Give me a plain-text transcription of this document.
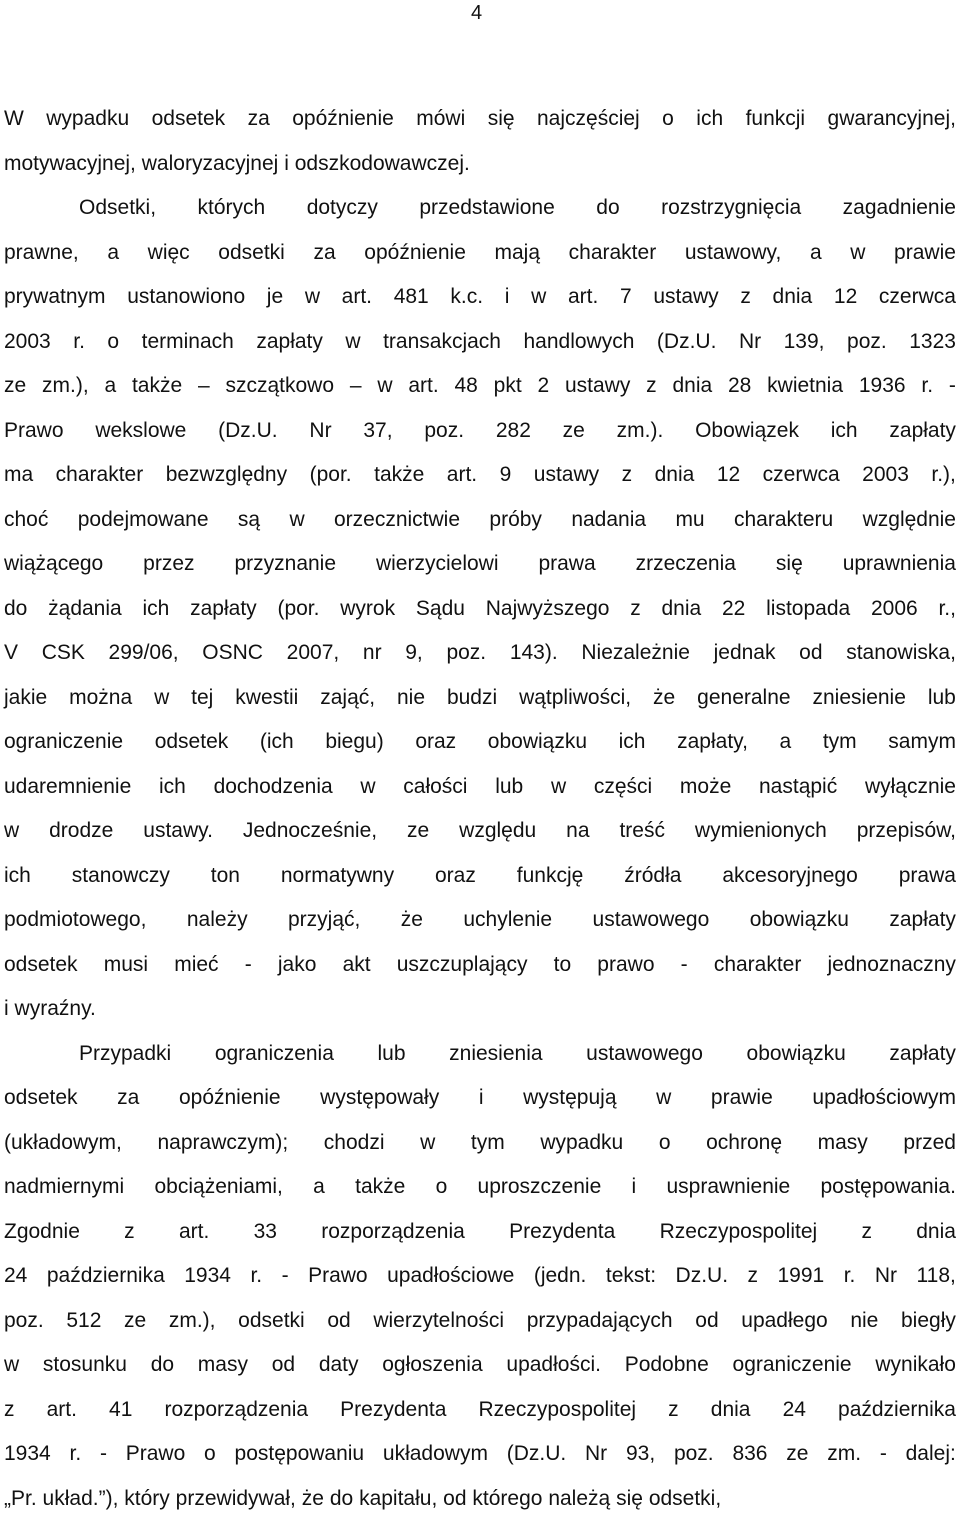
4
W wypadku odsetek za opóźnienie mówi się najczęściej o ich funkcji gwarancyjnej,
motywacyjnej, waloryzacyjnej i odszkodowawczej.
Odsetki, których dotyczy przedstawione do rozstrzygnięcia zagadnienie
prawne, a więc odsetki za opóźnienie mają charakter ustawowy, a w prawie
prywatnym ustanowiono je w art. 481 k.c. i w art. 7 ustawy z dnia 12 czerwca
2003 r. o terminach zapłaty w transakcjach handlowych (Dz.U. Nr 139, poz. 1323
ze zm.), a także – szczątkowo – w art. 48 pkt 2 ustawy z dnia 28 kwietnia 1936 r. -
Prawo wekslowe (Dz.U. Nr 37, poz. 282 ze zm.). Obowiązek ich zapłaty
ma charakter bezwzględny (por. także art. 9 ustawy z dnia 12 czerwca 2003 r.),
choć podejmowane są w orzecznictwie próby nadania mu charakteru względnie
wiążącego przez przyznanie wierzycielowi prawa zrzeczenia się uprawnienia
do żądania ich zapłaty (por. wyrok Sądu Najwyższego z dnia 22 listopada 2006 r.,
V CSK 299/06, OSNC 2007, nr 9, poz. 143). Niezależnie jednak od stanowiska,
jakie można w tej kwestii zająć, nie budzi wątpliwości, że generalne zniesienie lub
ograniczenie odsetek (ich biegu) oraz obowiązku ich zapłaty, a tym samym
udaremnienie ich dochodzenia w całości lub w części może nastąpić wyłącznie
w drodze ustawy. Jednocześnie, ze względu na treść wymienionych przepisów,
ich stanowczy ton normatywny oraz funkcję źródła akcesoryjnego prawa
podmiotowego, należy przyjąć, że uchylenie ustawowego obowiązku zapłaty
odsetek musi mieć - jako akt uszczuplający to prawo - charakter jednoznaczny
i wyraźny.
Przypadki ograniczenia lub zniesienia ustawowego obowiązku zapłaty
odsetek za opóźnienie występowały i występują w prawie upadłościowym
(układowym, naprawczym); chodzi w tym wypadku o ochronę masy przed
nadmiernymi obciążeniami, a także o uproszczenie i usprawnienie postępowania.
Zgodnie z art. 33 rozporządzenia Prezydenta Rzeczypospolitej z dnia
24 października 1934 r. - Prawo upadłościowe (jedn. tekst: Dz.U. z 1991 r. Nr 118,
poz. 512 ze zm.), odsetki od wierzytelności przypadających od upadłego nie biegły
w stosunku do masy od daty ogłoszenia upadłości. Podobne ograniczenie wynikało
z art. 41 rozporządzenia Prezydenta Rzeczypospolitej z dnia 24 października
1934 r. - Prawo o postępowaniu układowym (Dz.U. Nr 93, poz. 836 ze zm. - dalej:
„Pr. układ.”), który przewidywał, że do kapitału, od którego należą się odsetki,
